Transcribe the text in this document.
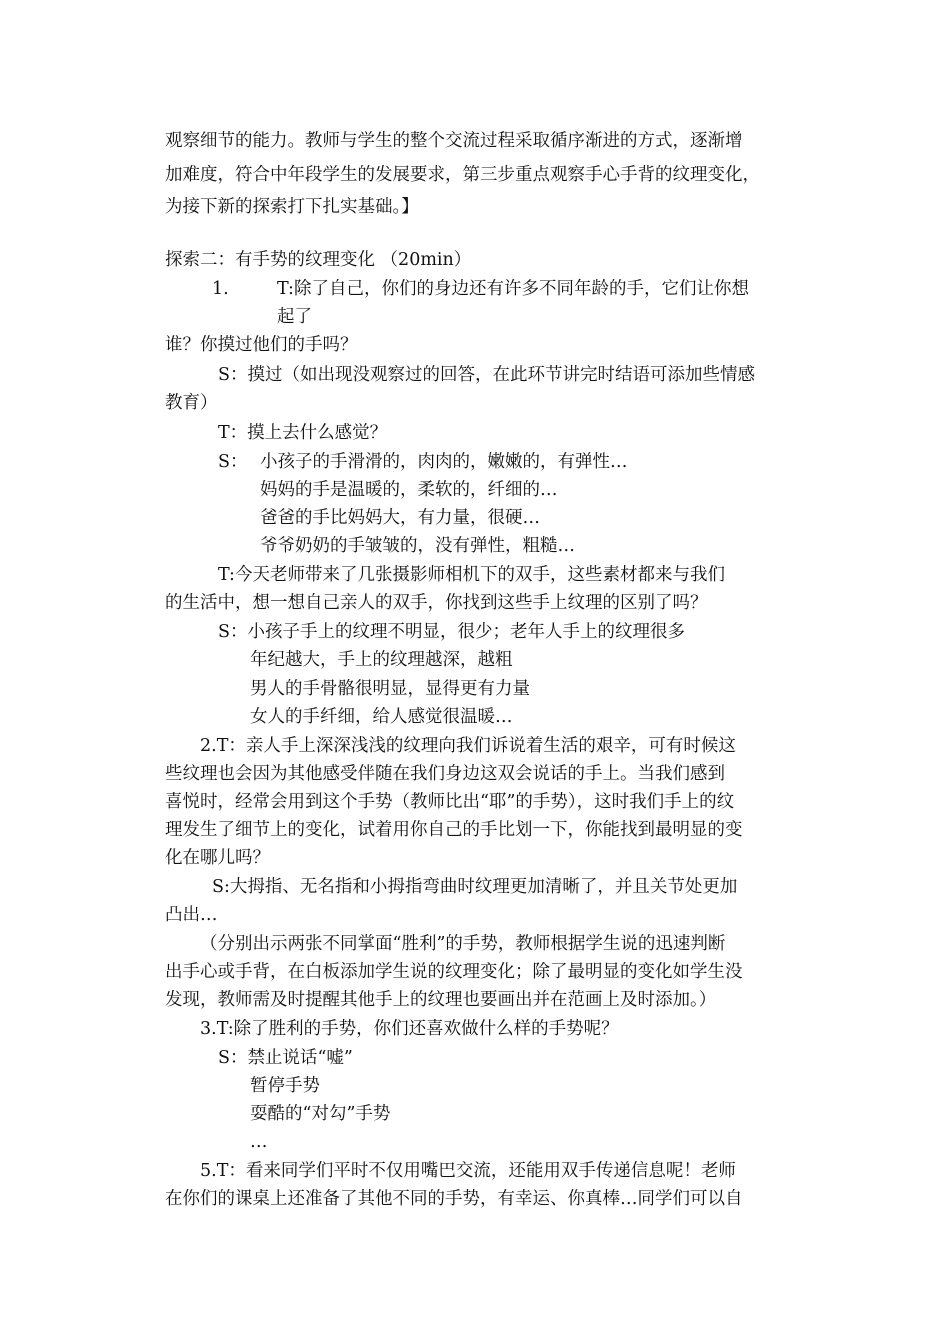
观察细节的能力。教师与学生的整个交流过程采取循序渐进的方式，逐渐增
加难度，符合中年段学生的发展要求，第三步重点观察手心手背的纹理变化，
为接下新的探索打下扎实基础。】
探索二：有手势的纹理变化 （20min）
1.	T:除了自己，你们的身边还有许多不同年龄的手，它们让你想
起了
谁？你摸过他们的手吗？
S：摸过（如出现没观察过的回答，在此环节讲完时结语可添加些情感
教育）
T：摸上去什么感觉？
S： 小孩子的手滑滑的，肉肉的，嫩嫩的，有弹性…
妈妈的手是温暖的，柔软的，纤细的…
爸爸的手比妈妈大，有力量，很硬…
爷爷奶奶的手皱皱的，没有弹性，粗糙…
T:今天老师带来了几张摄影师相机下的双手，这些素材都来与我们
的生活中，想一想自己亲人的双手，你找到这些手上纹理的区别了吗？
S：小孩子手上的纹理不明显，很少；老年人手上的纹理很多
年纪越大，手上的纹理越深，越粗
男人的手骨骼很明显，显得更有力量
女人的手纤细，给人感觉很温暖…
2.T：亲人手上深深浅浅的纹理向我们诉说着生活的艰辛，可有时候这
些纹理也会因为其他感受伴随在我们身边这双会说话的手上。当我们感到
喜悦时，经常会用到这个手势（教师比出“耶”的手势），这时我们手上的纹
理发生了细节上的变化，试着用你自己的手比划一下，你能找到最明显的变
化在哪儿吗？
S:大拇指、无名指和小拇指弯曲时纹理更加清晰了，并且关节处更加
凸出…
（分别出示两张不同掌面“胜利”的手势，教师根据学生说的迅速判断
出手心或手背，在白板添加学生说的纹理变化；除了最明显的变化如学生没
发现，教师需及时提醒其他手上的纹理也要画出并在范画上及时添加。）
3.T:除了胜利的手势，你们还喜欢做什么样的手势呢？
S：禁止说话“嘘”
暂停手势
耍酷的“对勾”手势
…
5.T：看来同学们平时不仅用嘴巴交流，还能用双手传递信息呢！老师
在你们的课桌上还准备了其他不同的手势，有幸运、你真棒…同学们可以自
